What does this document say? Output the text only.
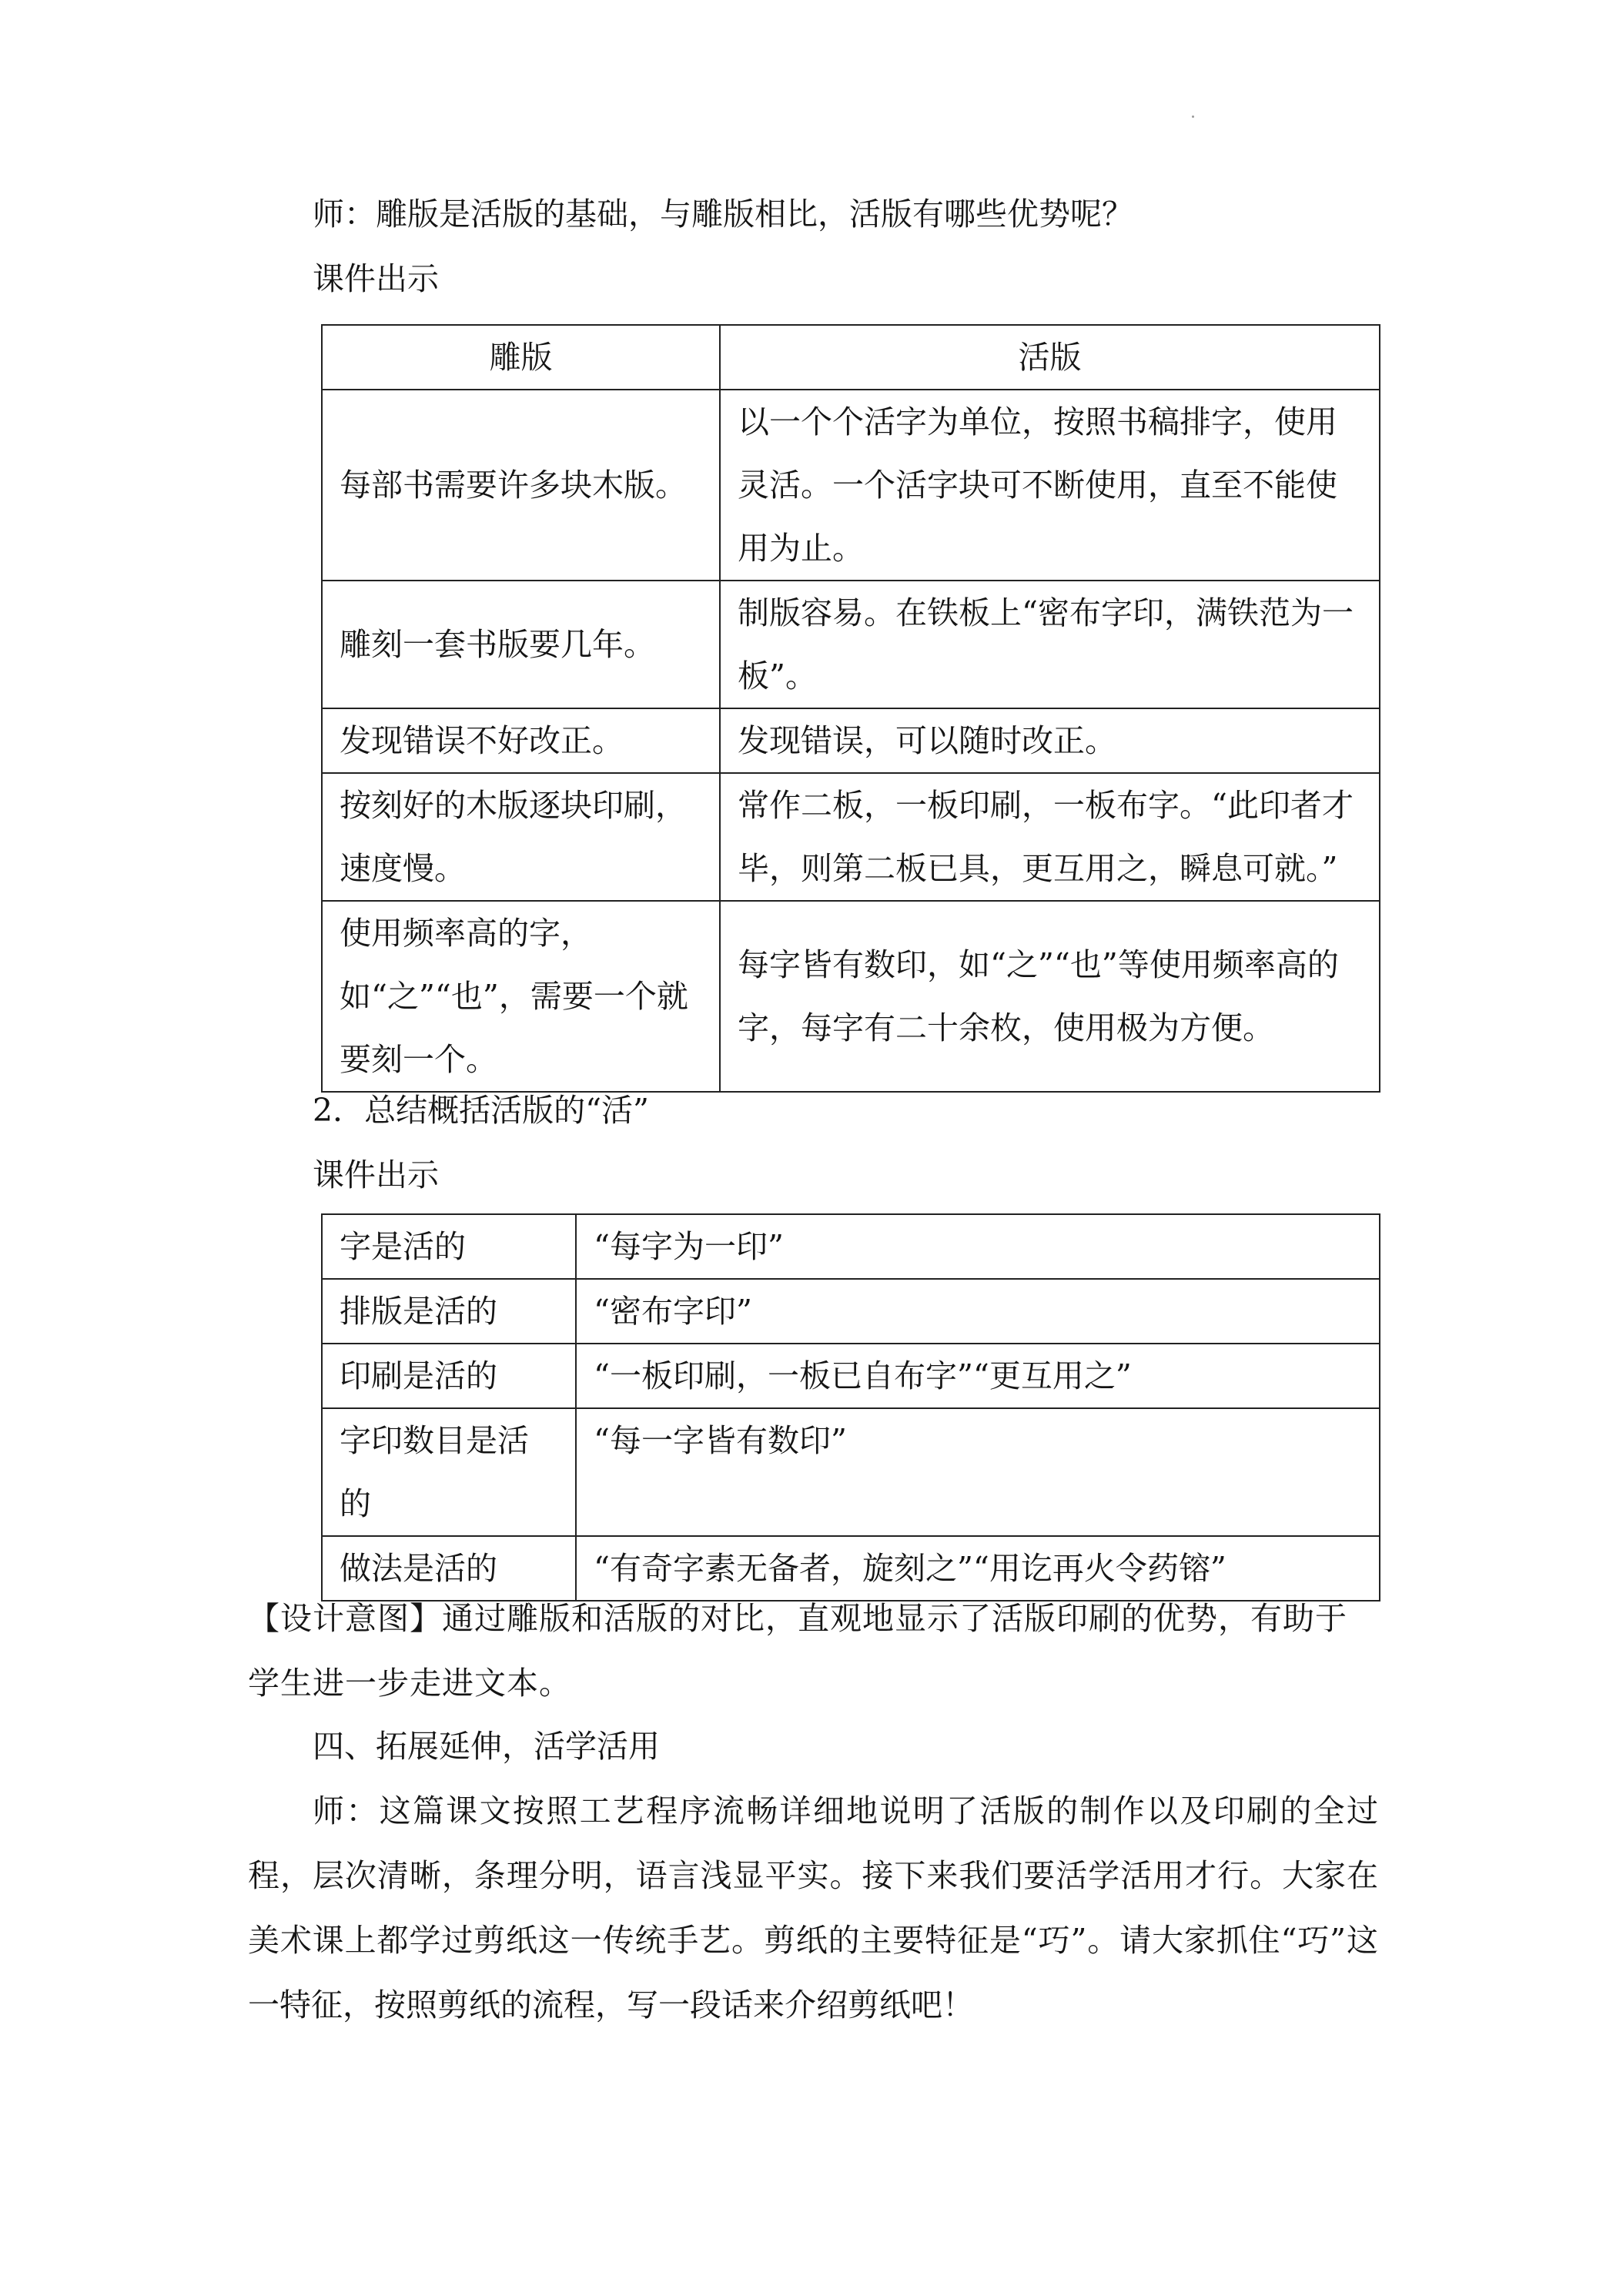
师：雕版是活版的基础，与雕版相比，活版有哪些优势呢？
课件出示
雕版	活版
每部书需要许多块木版。	以一个个活字为单位，按照书稿排字，使用灵活。一个活字块可不断使用，直至不能使用为止。
雕刻一套书版要几年。	制版容易。在铁板上“密布字印，满铁范为一板”。
发现错误不好改正。	发现错误，可以随时改正。
按刻好的木版逐块印刷，速度慢。	常作二板，一板印刷，一板布字。“此印者才毕，则第二板已具，更互用之，瞬息可就。”
使用频率高的字，如“之”“也”，需要一个就要刻一个。	每字皆有数印，如“之”“也”等使用频率高的字，每字有二十余枚，使用极为方便。
2．总结概括活版的“活”
课件出示
字是活的	“每字为一印”
排版是活的	“密布字印”
印刷是活的	“一板印刷，一板已自布字”“更互用之”
字印数目是活的	“每一字皆有数印”
做法是活的	“有奇字素无备者，旋刻之”“用讫再火令药镕”
【设计意图】通过雕版和活版的对比，直观地显示了活版印刷的优势，有助于学生进一步走进文本。
四、拓展延伸，活学活用
师：这篇课文按照工艺程序流畅详细地说明了活版的制作以及印刷的全过程，层次清晰，条理分明，语言浅显平实。接下来我们要活学活用才行。大家在美术课上都学过剪纸这一传统手艺。剪纸的主要特征是“巧”。请大家抓住“巧”这一特征，按照剪纸的流程，写一段话来介绍剪纸吧！
